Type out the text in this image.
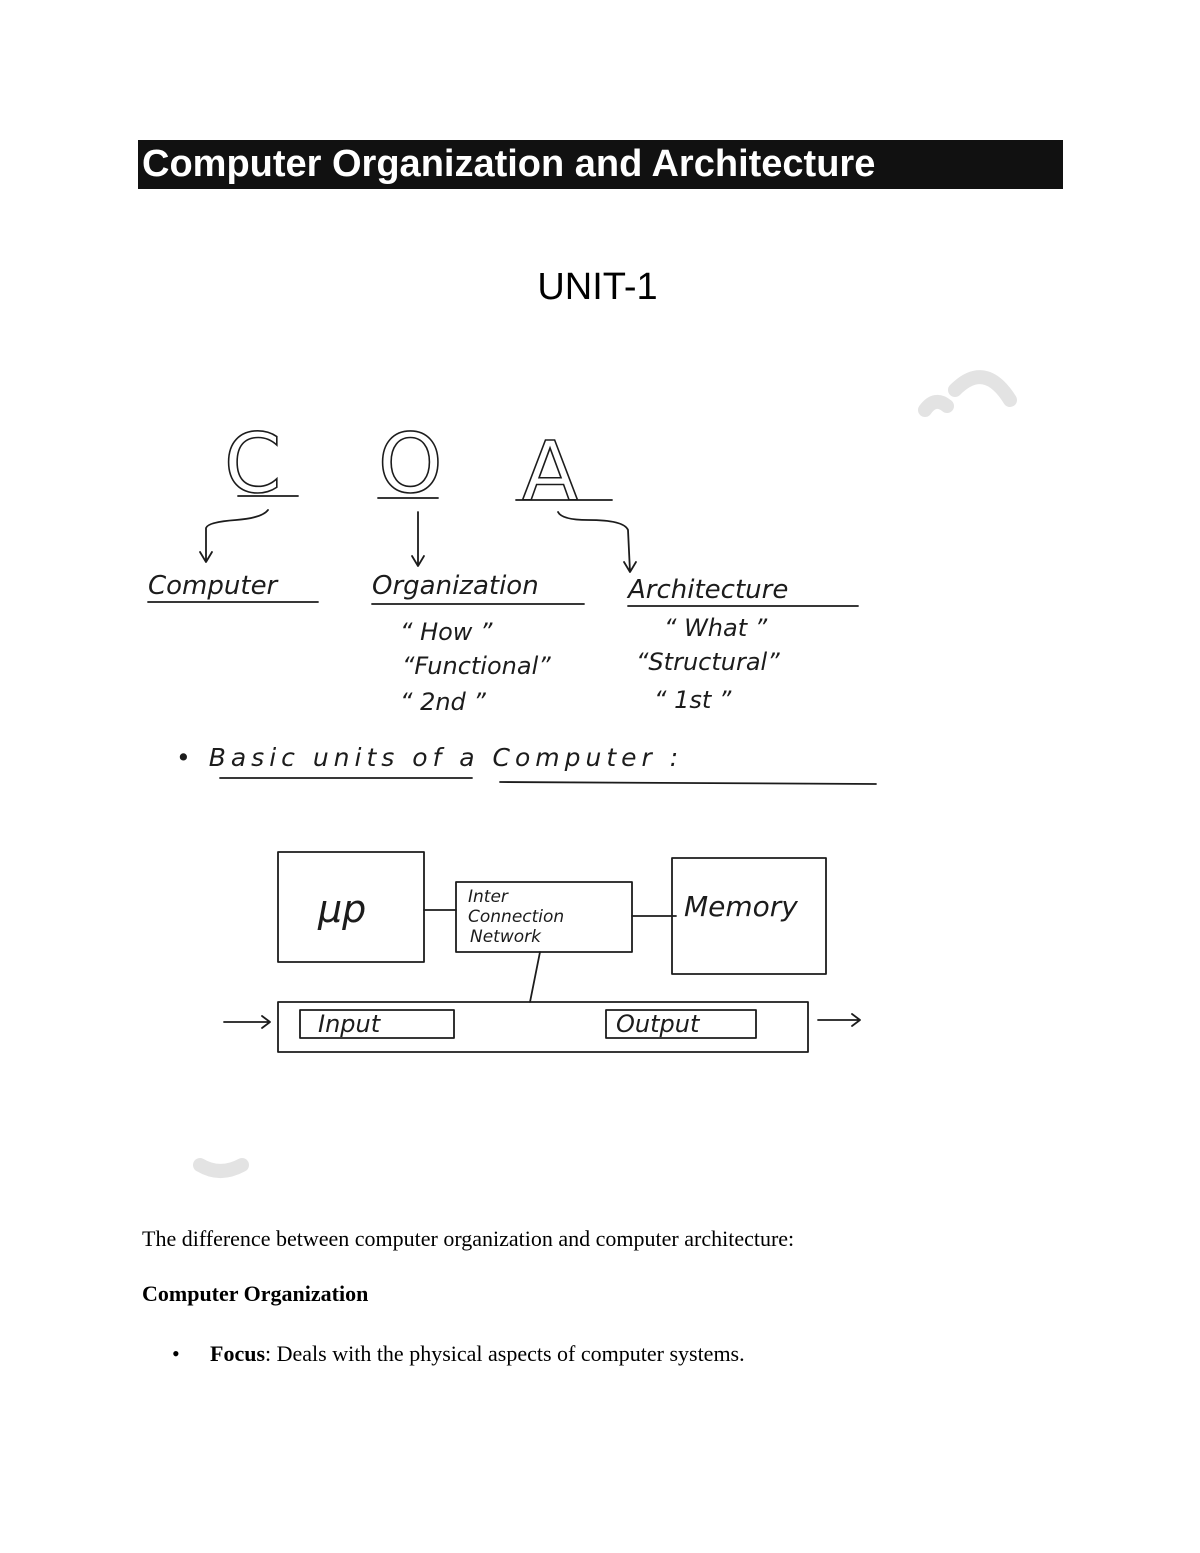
Computer Organization and Architecture
UNIT-1
C O A
Computer	Organization	Architecture
“ How ”
“Functional”
“ 2nd ”
“ What ”
“Structural”
“ 1st ”
• Basic units of a Computer :
μp	Inter
Connection
Network
Memory
Input	Output
The difference between computer organization and computer architecture:
Computer Organization
• Focus: Deals with the physical aspects of computer systems.
